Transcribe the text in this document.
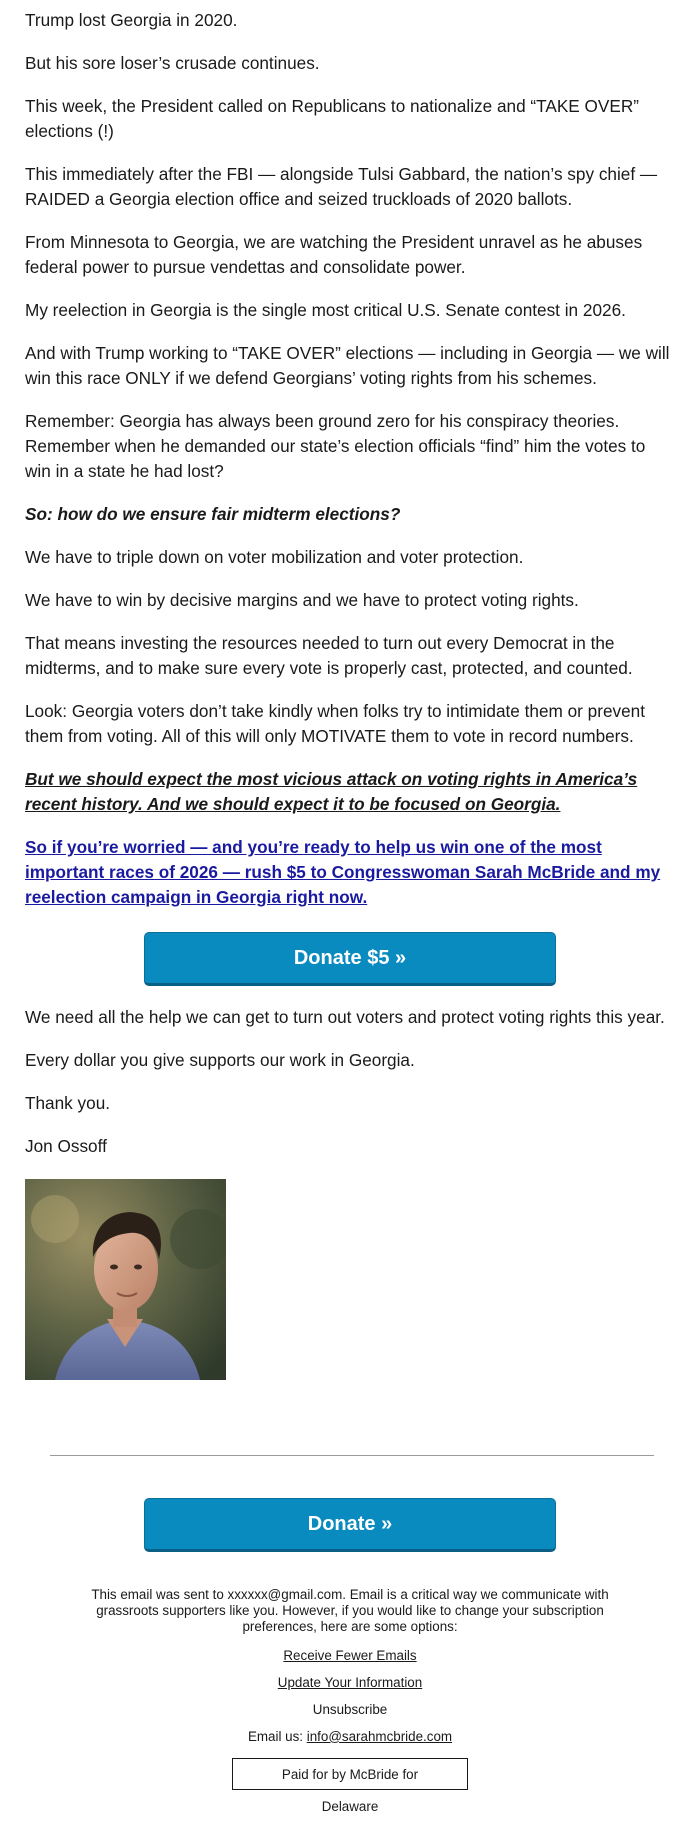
Trump lost Georgia in 2020.

But his sore loser’s crusade continues.

This week, the President called on Republicans to nationalize and “TAKE OVER” elections (!)

This immediately after the FBI — alongside Tulsi Gabbard, the nation’s spy chief — RAIDED a Georgia election office and seized truckloads of 2020 ballots.

From Minnesota to Georgia, we are watching the President unravel as he abuses federal power to pursue vendettas and consolidate power.

My reelection in Georgia is the single most critical U.S. Senate contest in 2026.

And with Trump working to “TAKE OVER” elections — including in Georgia — we will win this race ONLY if we defend Georgians’ voting rights from his schemes.

Remember: Georgia has always been ground zero for his conspiracy theories. Remember when he demanded our state’s election officials “find” him the votes to win in a state he had lost?

So: how do we ensure fair midterm elections?

We have to triple down on voter mobilization and voter protection.

We have to win by decisive margins and we have to protect voting rights.

That means investing the resources needed to turn out every Democrat in the midterms, and to make sure every vote is properly cast, protected, and counted.

Look: Georgia voters don’t take kindly when folks try to intimidate them or prevent them from voting. All of this will only MOTIVATE them to vote in record numbers.

But we should expect the most vicious attack on voting rights in America’s recent history. And we should expect it to be focused on Georgia.

So if you’re worried — and you’re ready to help us win one of the most important races of 2026 — rush $5 to Congresswoman Sarah McBride and my reelection campaign in Georgia right now.

Donate $5 »

We need all the help we can get to turn out voters and protect voting rights this year.

Every dollar you give supports our work in Georgia.

Thank you.

Jon Ossoff

Donate »
This email was sent to xxxxxx@gmail.com. Email is a critical way we communicate with grassroots supporters like you. However, if you would like to change your subscription preferences, here are some options:
Receive Fewer Emails
Update Your Information
Unsubscribe
Email us: info@sarahmcbride.com
Paid for by McBride for Delaware
